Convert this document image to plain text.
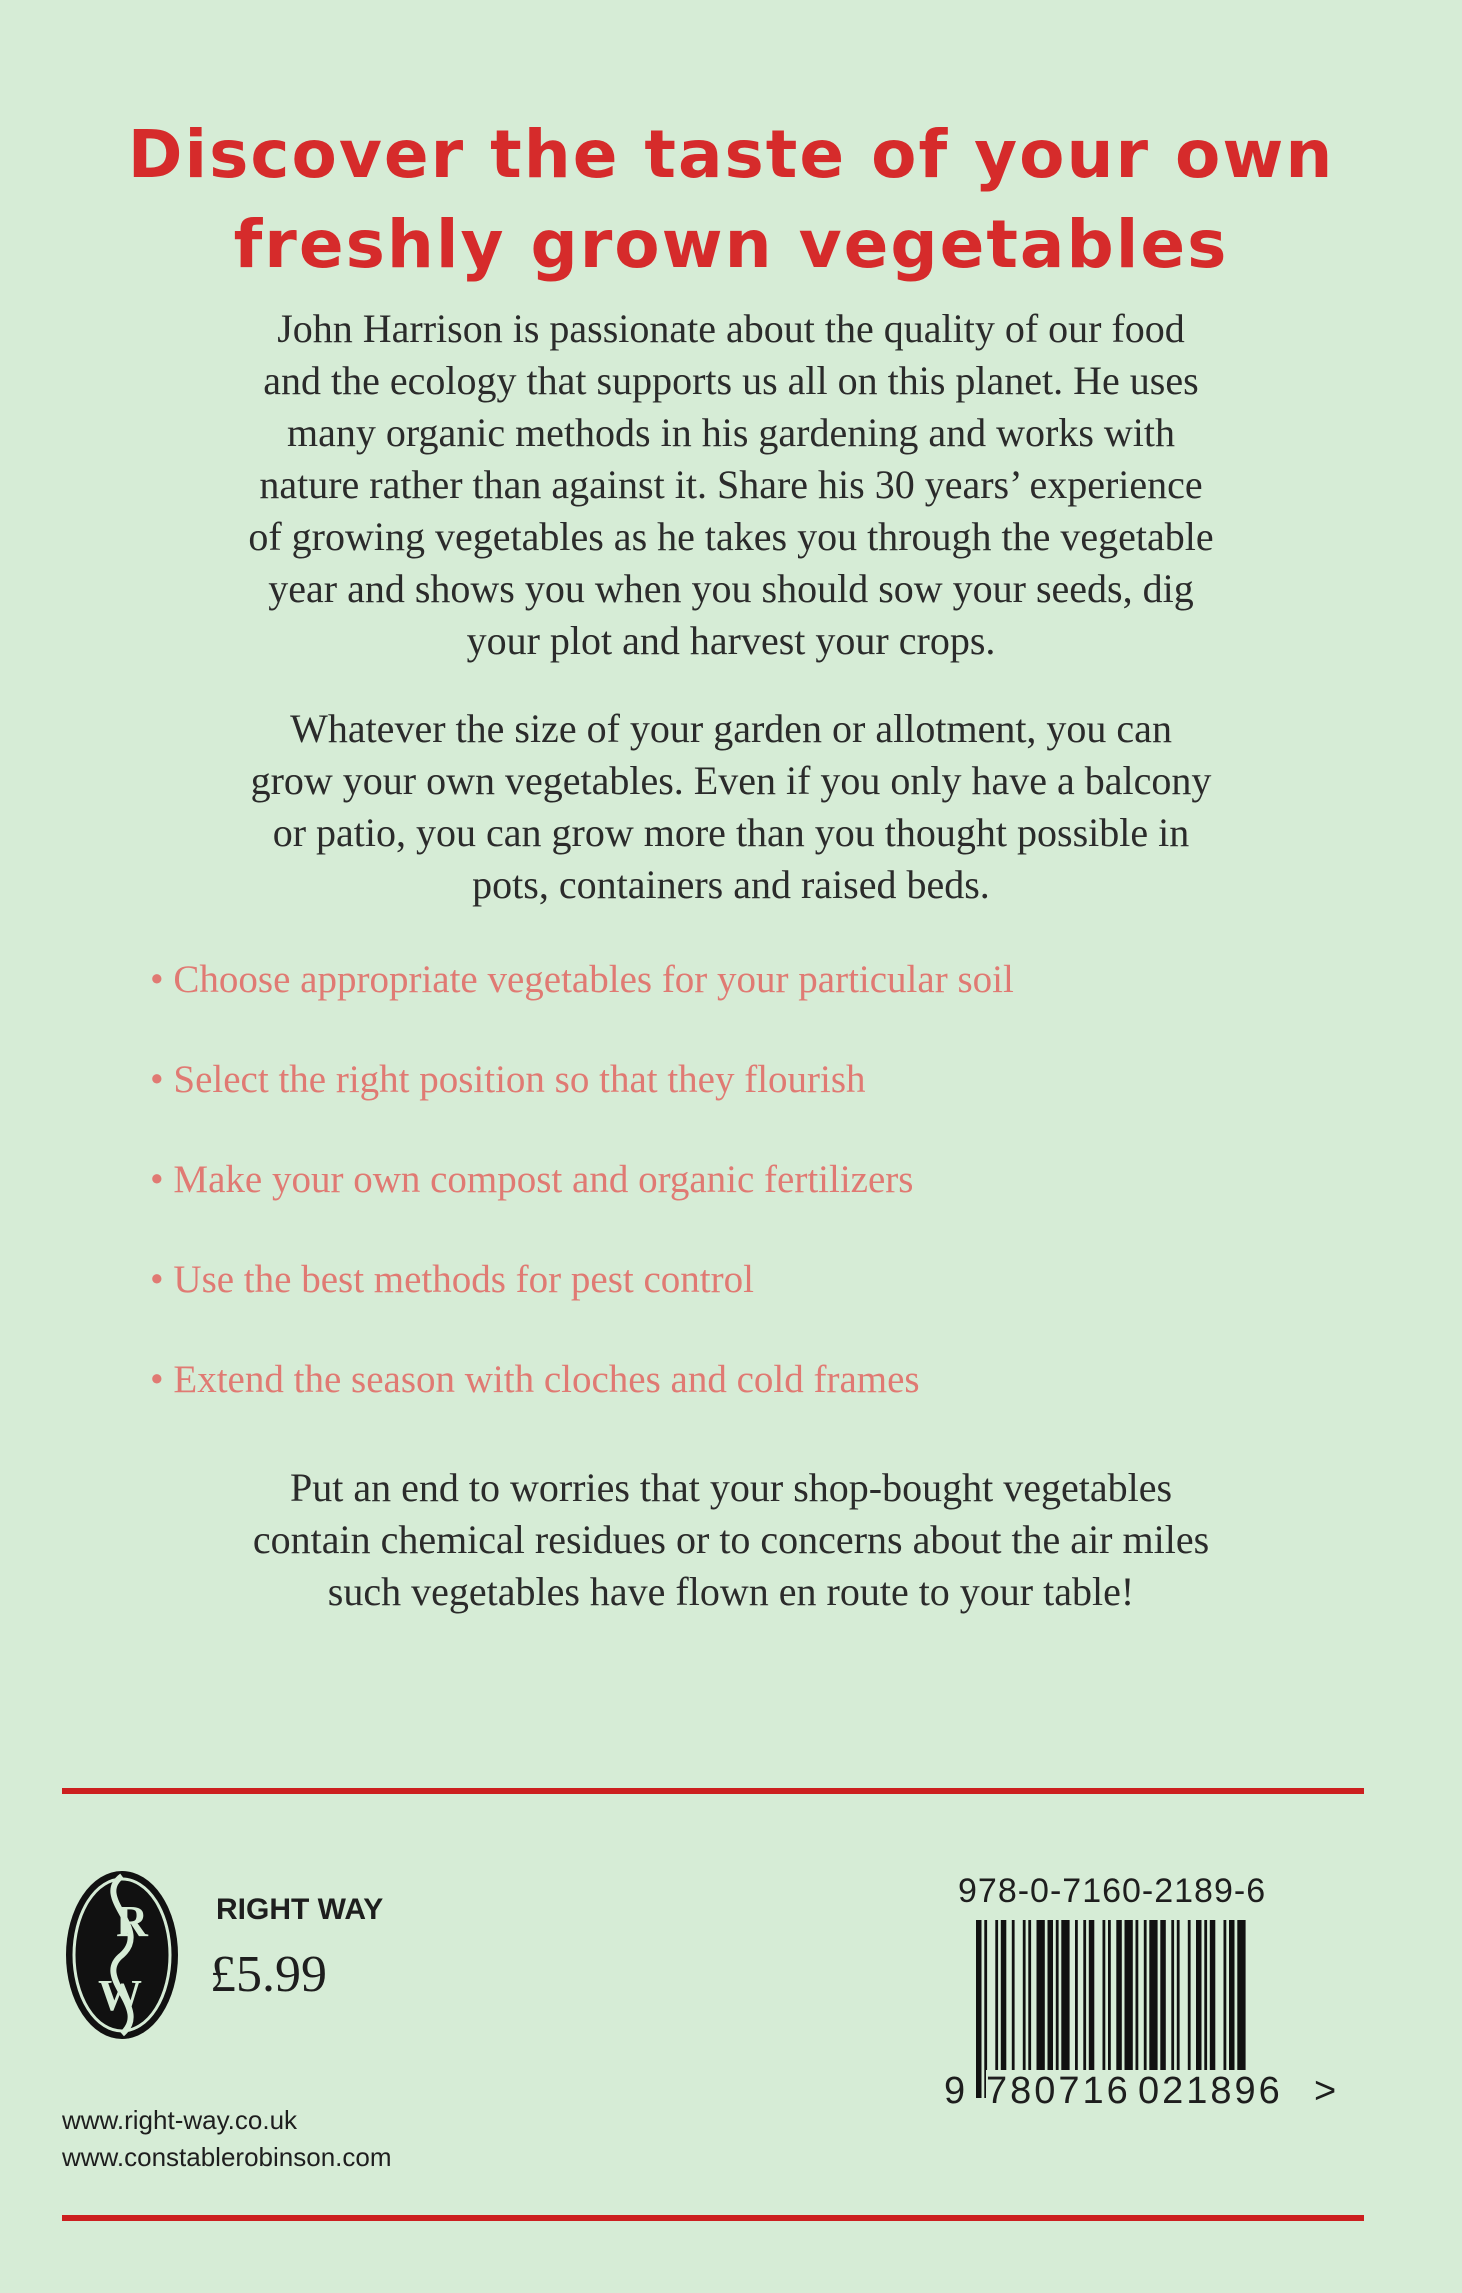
Discover the taste of your own
freshly grown vegetables
John Harrison is passionate about the quality of our food
and the ecology that supports us all on this planet. He uses
many organic methods in his gardening and works with
nature rather than against it. Share his 30 years’ experience
of growing vegetables as he takes you through the vegetable
year and shows you when you should sow your seeds, dig
your plot and harvest your crops.
Whatever the size of your garden or allotment, you can
grow your own vegetables. Even if you only have a balcony
or patio, you can grow more than you thought possible in
pots, containers and raised beds.
• Choose appropriate vegetables for your particular soil
• Select the right position so that they flourish
• Make your own compost and organic fertilizers
• Use the best methods for pest control
• Extend the season with cloches and cold frames
Put an end to worries that your shop-bought vegetables
contain chemical residues or to concerns about the air miles
such vegetables have flown en route to your table!
R
W
RIGHT WAY
£5.99
www.right-way.co.uk
www.constablerobinson.com
978-0-7160-2189-6
9 780716 021896 >
